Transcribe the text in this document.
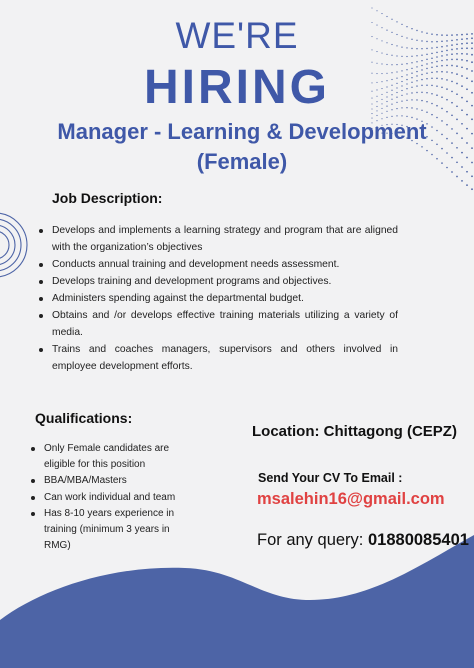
WE'RE
HIRING
Manager - Learning & Development
(Female)
Job Description:
Develops and implements a learning strategy and program that are aligned with the organization’s objectives
Conducts annual training and development needs assessment.
Develops training and development programs and objectives.
Administers spending against the departmental budget.
Obtains and /or develops effective training materials utilizing a variety of media.
Trains and coaches managers, supervisors and others involved in employee development efforts.
Qualifications:
Only Female candidates are eligible for this position
BBA/MBA/Masters
Can work individual and team
Has 8-10 years experience in training (minimum 3 years in RMG)
Location: Chittagong (CEPZ)
Send Your CV To Email :
msalehin16@gmail.com
For any query: 01880085401
